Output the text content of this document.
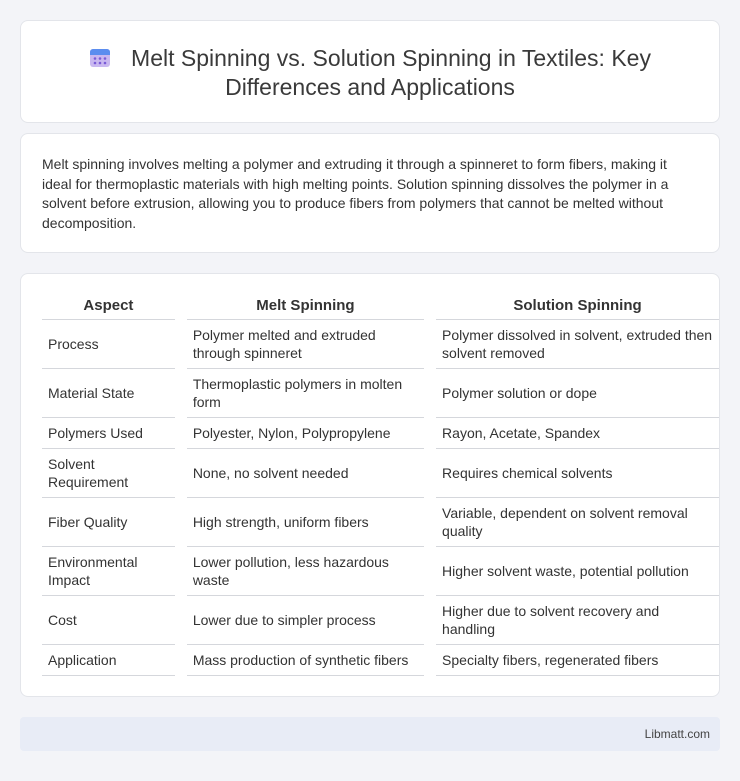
Melt Spinning vs. Solution Spinning in Textiles: Key
Differences and Applications

Melt spinning involves melting a polymer and extruding it through a spinneret to form fibers, making it ideal for thermoplastic materials with high melting points. Solution spinning dissolves the polymer in a solvent before extrusion, allowing you to produce fibers from polymers that cannot be melted without decomposition.

Aspect		Melt Spinning		Solution Spinning
Process		Polymer melted and extruded through spinneret		Polymer dissolved in solvent, extruded then solvent removed
Material State		Thermoplastic polymers in molten form		Polymer solution or dope
Polymers Used		Polyester, Nylon, Polypropylene		Rayon, Acetate, Spandex
Solvent Requirement		None, no solvent needed		Requires chemical solvents
Fiber Quality		High strength, uniform fibers		Variable, dependent on solvent removal quality
Environmental Impact		Lower pollution, less hazardous waste		Higher solvent waste, potential pollution
Cost		Lower due to simpler process		Higher due to solvent recovery and handling
Application		Mass production of synthetic fibers		Specialty fibers, regenerated fibers
Libmatt.com
